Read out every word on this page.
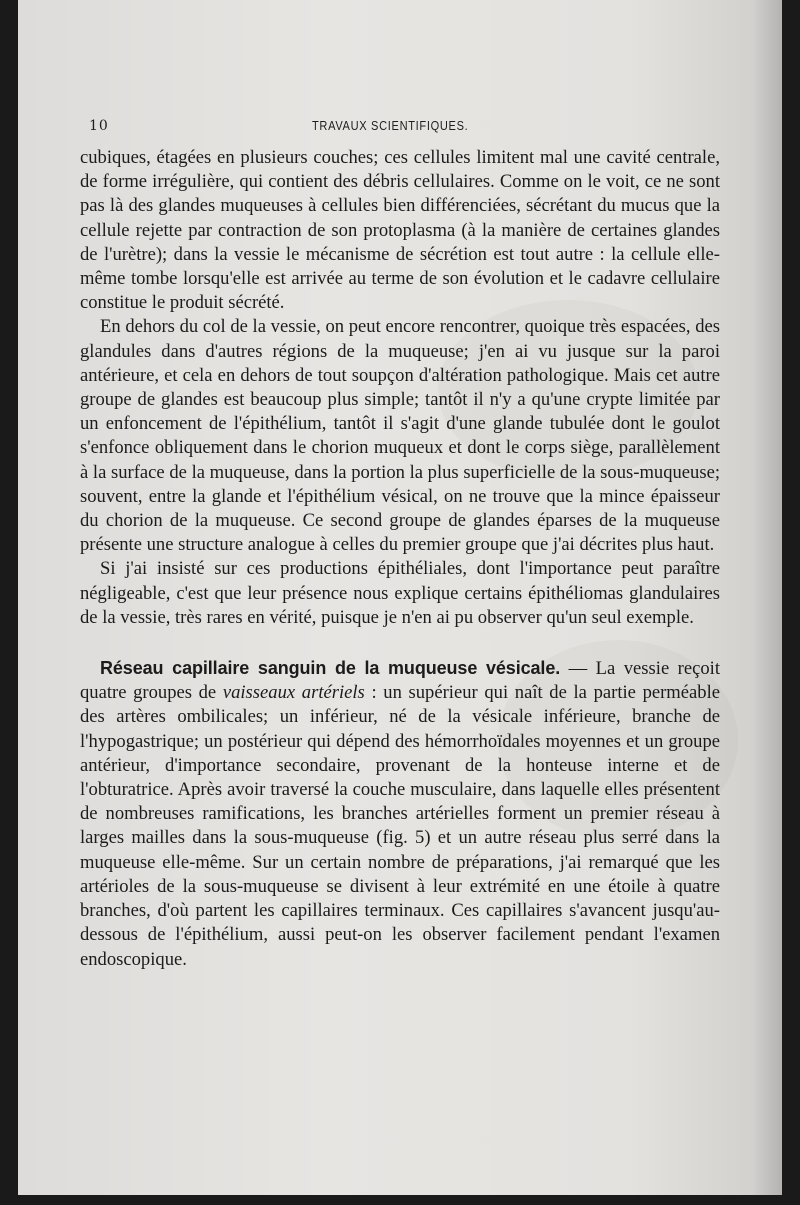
10	TRAVAUX SCIENTIFIQUES.

cubiques, étagées en plusieurs couches; ces cellules limitent mal une cavité centrale, de forme irrégulière, qui contient des débris cellulaires. Comme on le voit, ce ne sont pas là des glandes muqueuses à cellules bien différenciées, sécrétant du mucus que la cellule rejette par contraction de son protoplasma (à la manière de certaines glandes de l'urètre); dans la vessie le mécanisme de sécrétion est tout autre : la cellule elle-même tombe lorsqu'elle est arrivée au terme de son évolution et le cadavre cellulaire constitue le produit sécrété.

En dehors du col de la vessie, on peut encore rencontrer, quoique très espacées, des glandules dans d'autres régions de la muqueuse; j'en ai vu jusque sur la paroi antérieure, et cela en dehors de tout soupçon d'altération pathologique. Mais cet autre groupe de glandes est beaucoup plus simple; tantôt il n'y a qu'une crypte limitée par un enfoncement de l'épithélium, tantôt il s'agit d'une glande tubulée dont le goulot s'enfonce obliquement dans le chorion muqueux et dont le corps siège, parallèlement à la surface de la muqueuse, dans la portion la plus superficielle de la sous-muqueuse; souvent, entre la glande et l'épithélium vésical, on ne trouve que la mince épaisseur du chorion de la muqueuse. Ce second groupe de glandes éparses de la muqueuse présente une structure analogue à celles du premier groupe que j'ai décrites plus haut.

Si j'ai insisté sur ces productions épithéliales, dont l'importance peut paraître négligeable, c'est que leur présence nous explique certains épithéliomas glandulaires de la vessie, très rares en vérité, puisque je n'en ai pu observer qu'un seul exemple.

Réseau capillaire sanguin de la muqueuse vésicale. — La vessie reçoit quatre groupes de vaisseaux artériels : un supérieur qui naît de la partie perméable des artères ombilicales; un inférieur, né de la vésicale inférieure, branche de l'hypogastrique; un postérieur qui dépend des hémorrhoïdales moyennes et un groupe antérieur, d'importance secondaire, provenant de la honteuse interne et de l'obturatrice. Après avoir traversé la couche musculaire, dans laquelle elles présentent de nombreuses ramifications, les branches artérielles forment un premier réseau à larges mailles dans la sous-muqueuse (fig. 5) et un autre réseau plus serré dans la muqueuse elle-même. Sur un certain nombre de préparations, j'ai remarqué que les artérioles de la sous-muqueuse se divisent à leur extrémité en une étoile à quatre branches, d'où partent les capillaires terminaux. Ces capillaires s'avancent jusqu'au-dessous de l'épithélium, aussi peut-on les observer facilement pendant l'examen endoscopique.
